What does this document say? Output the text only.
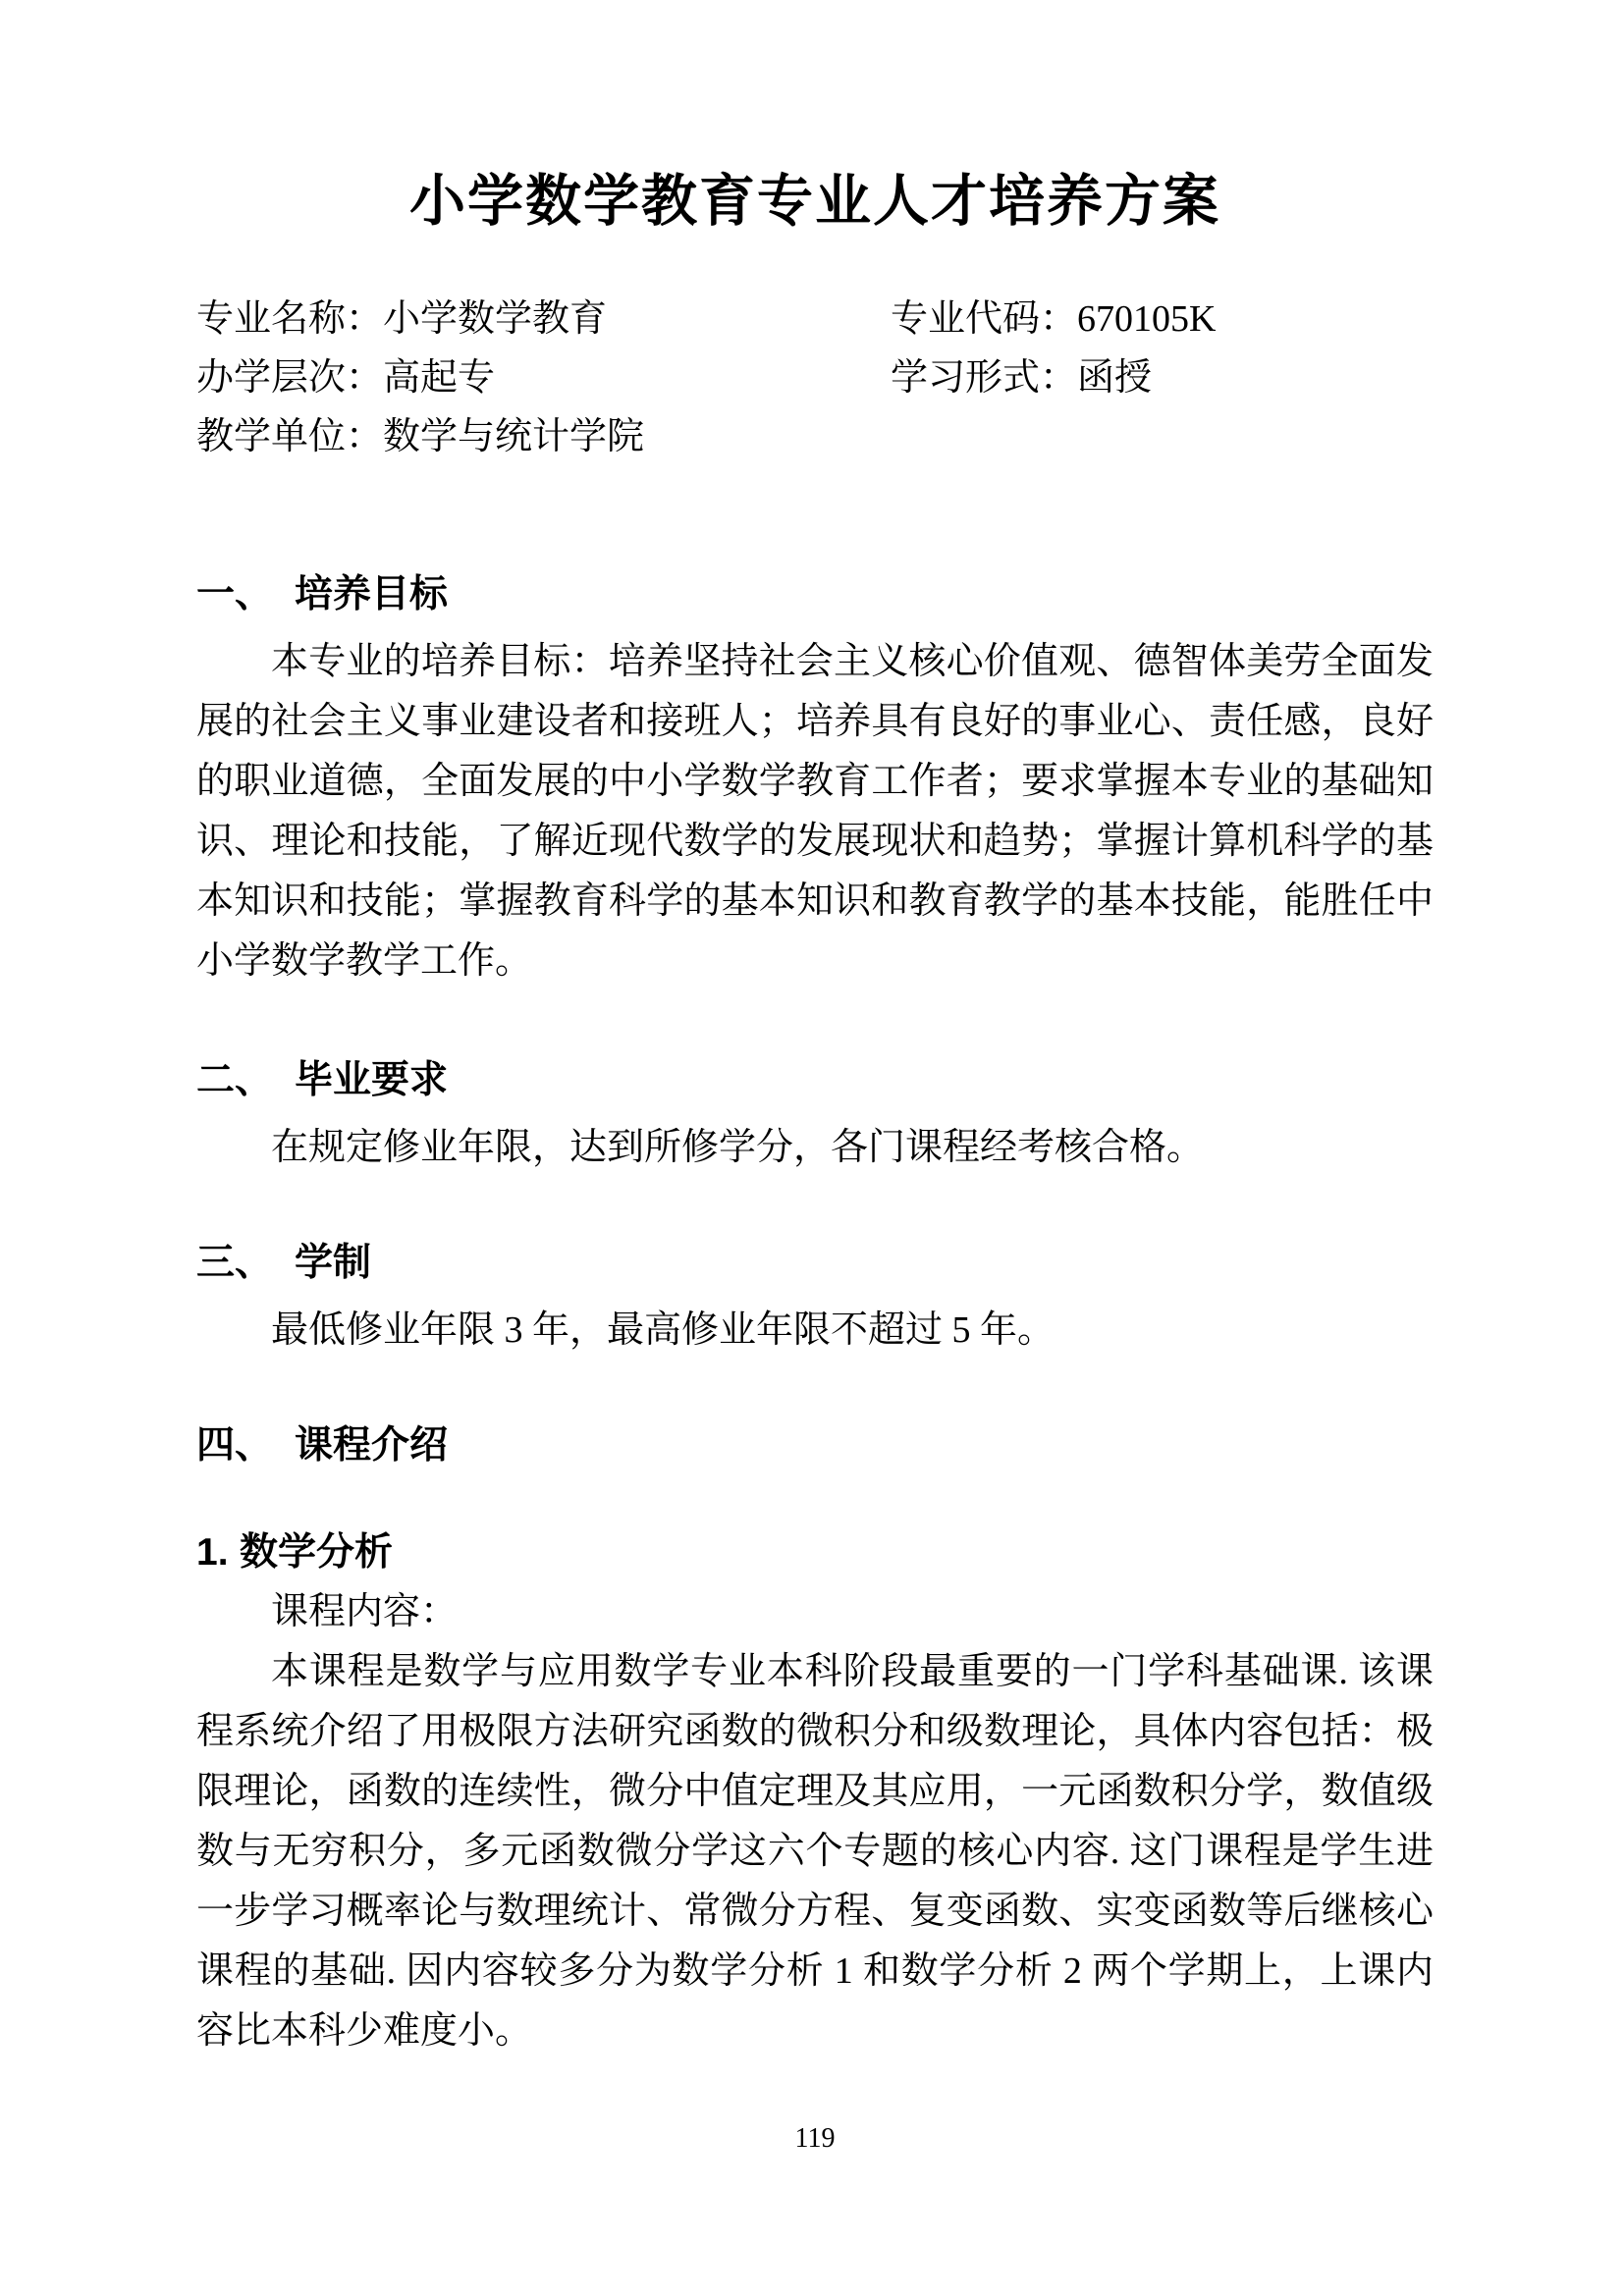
小学数学教育专业人才培养方案
专业名称：小学数学教育	专业代码：670105K
办学层次：高起专	学习形式：函授
教学单位：数学与统计学院
一、 培养目标

本专业的培养目标：培养坚持社会主义核心价值观、德智体美劳全面发展的社会主义事业建设者和接班人；培养具有良好的事业心、责任感，良好的职业道德，全面发展的中小学数学教育工作者；要求掌握本专业的基础知识、理论和技能，了解近现代数学的发展现状和趋势；掌握计算机科学的基本知识和技能；掌握教育科学的基本知识和教育教学的基本技能，能胜任中小学数学教学工作。

二、 毕业要求

在规定修业年限，达到所修学分，各门课程经考核合格。

三、 学制

最低修业年限 3 年，最高修业年限不超过 5 年。

四、 课程介绍
1. 数学分析

课程内容：

本课程是数学与应用数学专业本科阶段最重要的一门学科基础课. 该课程系统介绍了用极限方法研究函数的微积分和级数理论，具体内容包括：极限理论，函数的连续性，微分中值定理及其应用，一元函数积分学，数值级数与无穷积分，多元函数微分学这六个专题的核心内容. 这门课程是学生进一步学习概率论与数理统计、常微分方程、复变函数、实变函数等后继核心课程的基础. 因内容较多分为数学分析 1 和数学分析 2 两个学期上，上课内容比本科少难度小。

119
